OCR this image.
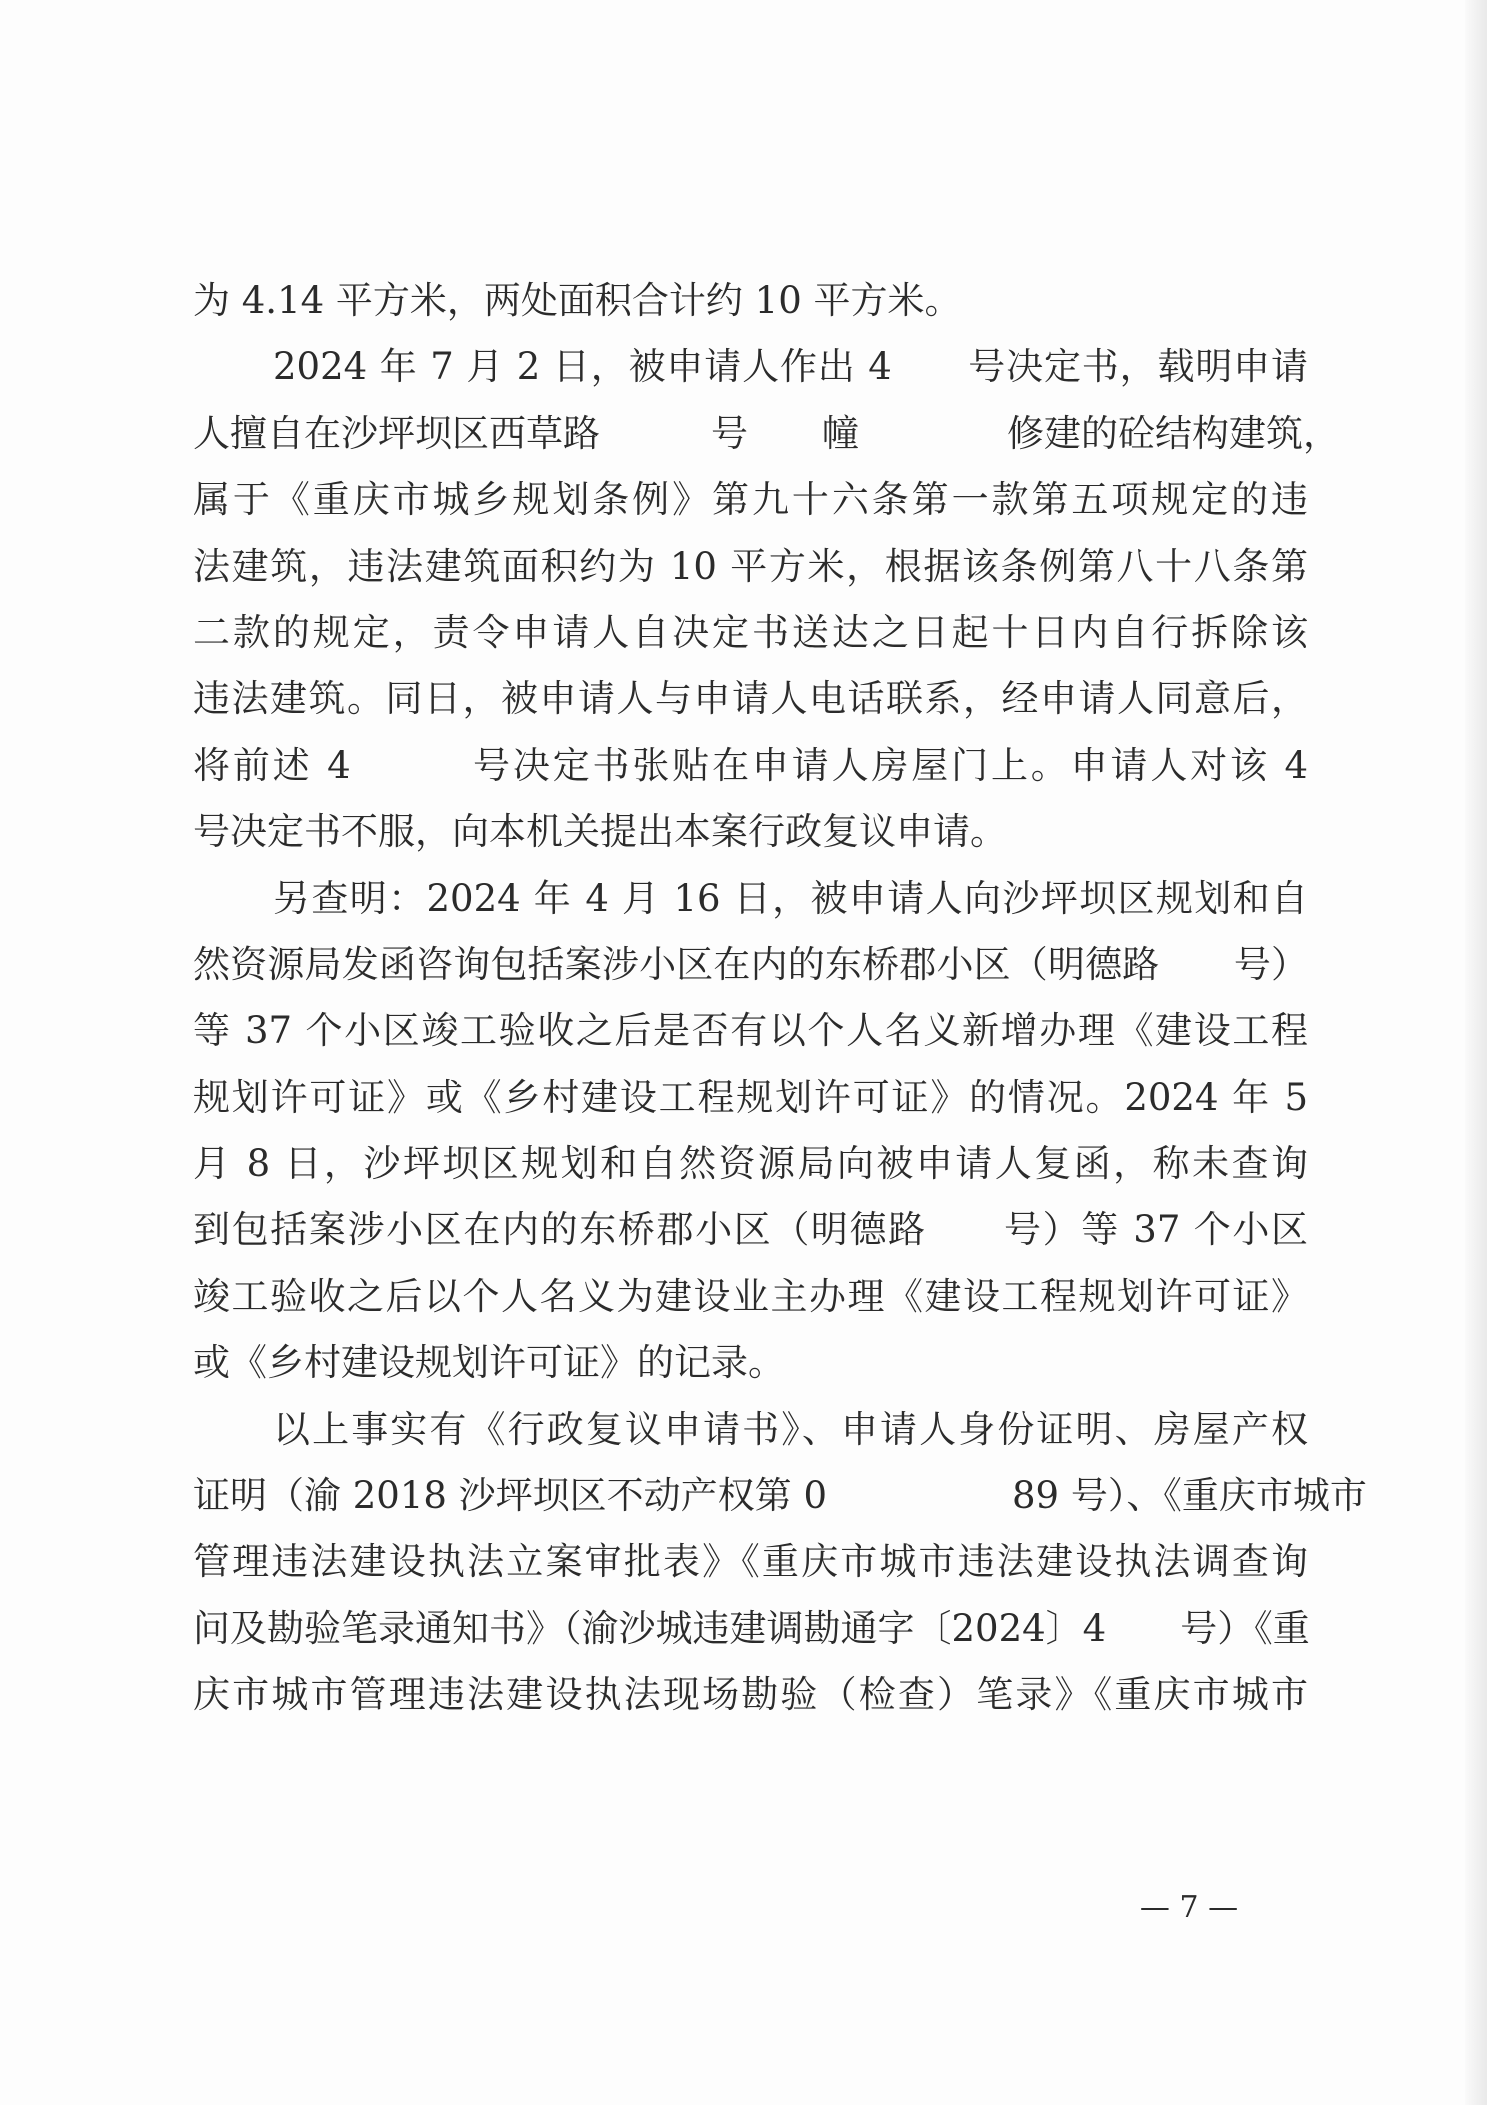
为 4.14 平方米，两处面积合计约 10 平方米。
2024 年 7 月 2 日，被申请人作出 4　　号决定书，载明申请
人擅自在沙坪坝区西草路　　　号　　幢　　　　修建的砼结构建筑，
属于《重庆市城乡规划条例》第九十六条第一款第五项规定的违
法建筑，违法建筑面积约为 10 平方米，根据该条例第八十八条第
二款的规定，责令申请人自决定书送达之日起十日内自行拆除该
违法建筑。同日，被申请人与申请人电话联系，经申请人同意后，
将前述 4　　　号决定书张贴在申请人房屋门上。申请人对该 4
号决定书不服，向本机关提出本案行政复议申请。
另查明：2024 年 4 月 16 日，被申请人向沙坪坝区规划和自
然资源局发函咨询包括案涉小区在内的东桥郡小区（明德路　　号）
等 37 个小区竣工验收之后是否有以个人名义新增办理《建设工程
规划许可证》或《乡村建设工程规划许可证》的情况。2024 年 5
月 8 日，沙坪坝区规划和自然资源局向被申请人复函，称未查询
到包括案涉小区在内的东桥郡小区（明德路　　号）等 37 个小区
竣工验收之后以个人名义为建设业主办理《建设工程规划许可证》
或《乡村建设规划许可证》的记录。
以上事实有《行政复议申请书》、申请人身份证明、房屋产权
证明（渝 2018 沙坪坝区不动产权第 0　　　　　89 号）、《重庆市城市
管理违法建设执法立案审批表》《重庆市城市违法建设执法调查询
问及勘验笔录通知书》（渝沙城违建调勘通字〔2024〕4　　号）《重
庆市城市管理违法建设执法现场勘验（检查）笔录》《重庆市城市
— 7 —
